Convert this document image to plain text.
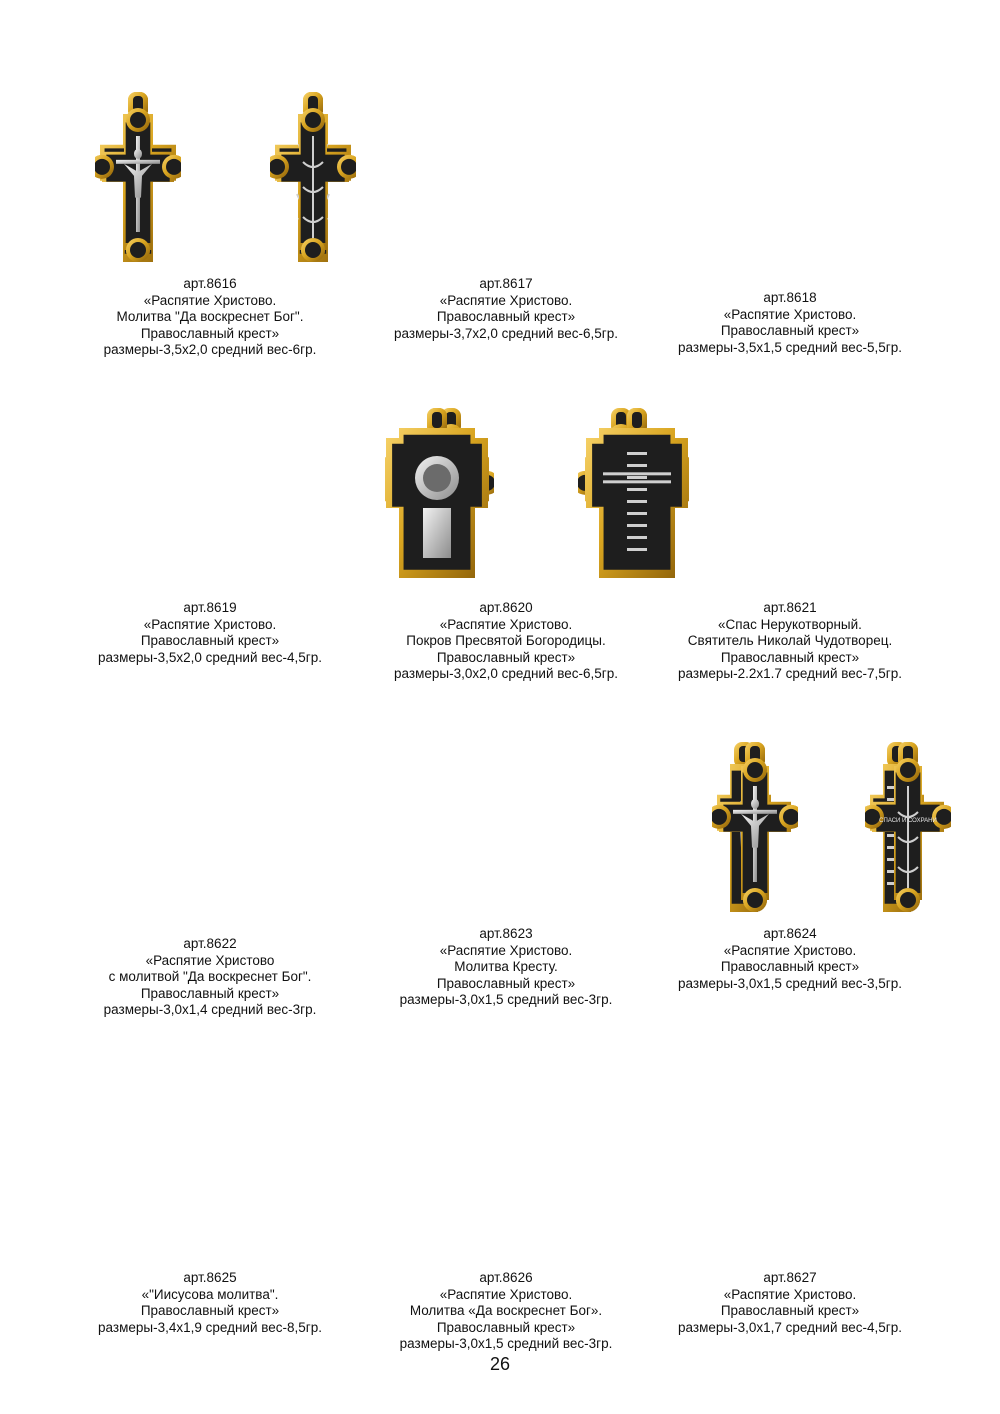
арт.8616
«Распятие Христово.
Молитва "Да воскреснет Бог".
Православный крест»
размеры-3,5х2,0 средний вес-6гр.
арт.8617
«Распятие Христово.
Православный крест»
размеры-3,7х2,0 средний вес-6,5гр.
арт.8618
«Распятие Христово.
Православный крест»
размеры-3,5х1,5 средний вес-5,5гр.
арт.8619
«Распятие Христово.
Православный крест»
размеры-3,5х2,0 средний вес-4,5гр.
арт.8620
«Распятие Христово.
Покров Пресвятой Богородицы.
Православный крест»
размеры-3,0х2,0 средний вес-6,5гр.
арт.8621
«Спас Нерукотворный.
Святитель Николай Чудотворец.
Православный крест»
размеры-2.2х1.7 средний вес-7,5гр.
арт.8622
«Распятие Христово
с молитвой "Да воскреснет Бог".
Православный крест»
размеры-3,0х1,4 средний вес-3гр.
арт.8623
«Распятие Христово.
Молитва Кресту.
Православный крест»
размеры-3,0х1,5 средний вес-3гр.
СПАСИ И СОХРАНИ
арт.8624
«Распятие Христово.
Православный крест»
размеры-3,0х1,5 средний вес-3,5гр.
арт.8625
«"Иисусова молитва".
Православный крест»
размеры-3,4х1,9 средний вес-8,5гр.
арт.8626
«Распятие Христово.
Молитва «Да воскреснет Бог».
Православный крест»
размеры-3,0х1,5 средний вес-3гр.
арт.8627
«Распятие Христово.
Православный крест»
размеры-3,0х1,7 средний вес-4,5гр.
26
